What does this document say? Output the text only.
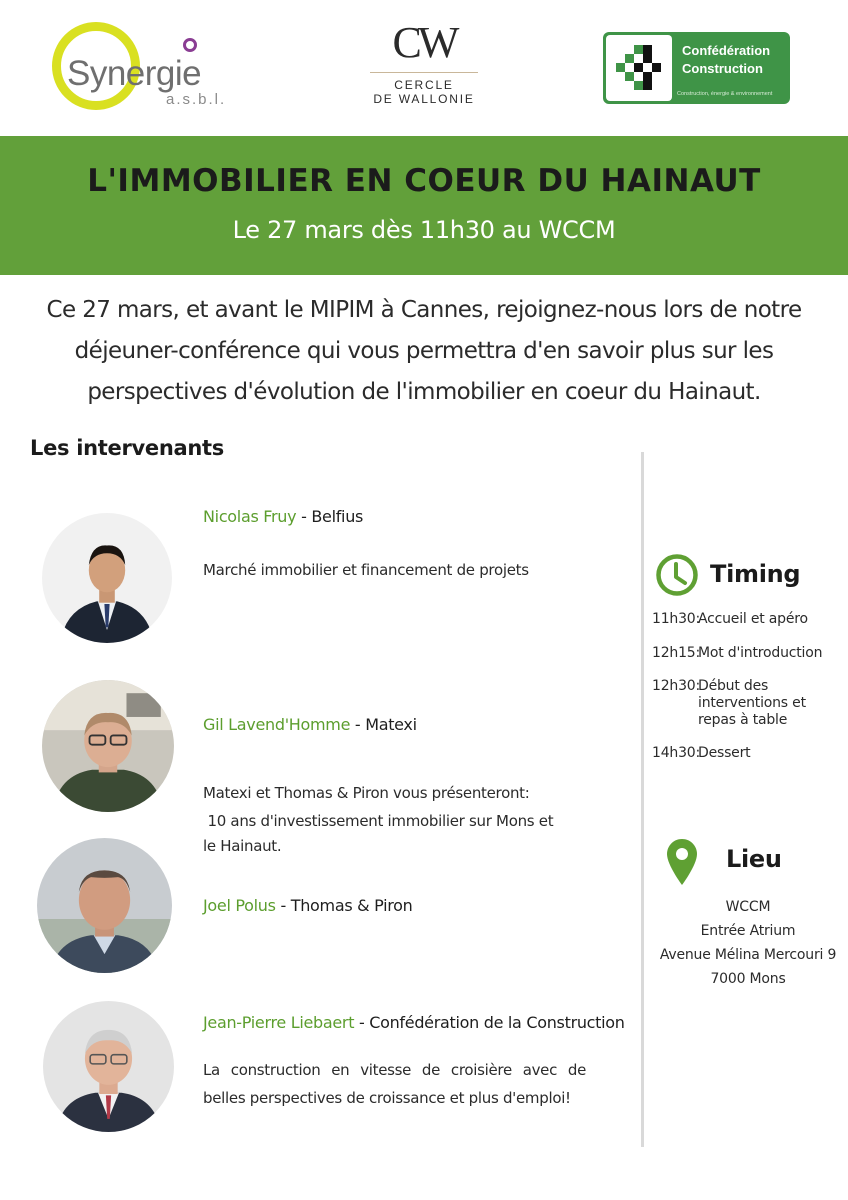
Synergie
a.s.b.l.
CW
CERCLE
DE WALLONIE
Confédération
Construction
Construction, énergie & environnement
L'IMMOBILIER EN COEUR DU HAINAUT
Le 27 mars dès 11h30 au WCCM
Ce 27 mars, et avant le MIPIM à Cannes, rejoignez-nous lors de notre
déjeuner-conférence qui vous permettra d'en savoir plus sur les
perspectives d'évolution de l'immobilier en coeur du Hainaut.
Les intervenants
Nicolas Fruy - Belfius
Marché immobilier et financement de projets
Gil Lavend'Homme - Matexi
Matexi et Thomas & Piron vous présenteront:
10 ans d'investissement immobilier sur Mons et
le Hainaut.
Joel Polus - Thomas & Piron
Jean-Pierre Liebaert - Confédération de la Construction
La construction en vitesse de croisière avec de belles perspectives de croissance et plus d'emploi!
Timing
11h30:Accueil et apéro
12h15:Mot d'introduction
12h30:
Début des
interventions et
repas à table
14h30:Dessert
Lieu
WCCM
Entrée Atrium
Avenue Mélina Mercouri 9
7000 Mons
